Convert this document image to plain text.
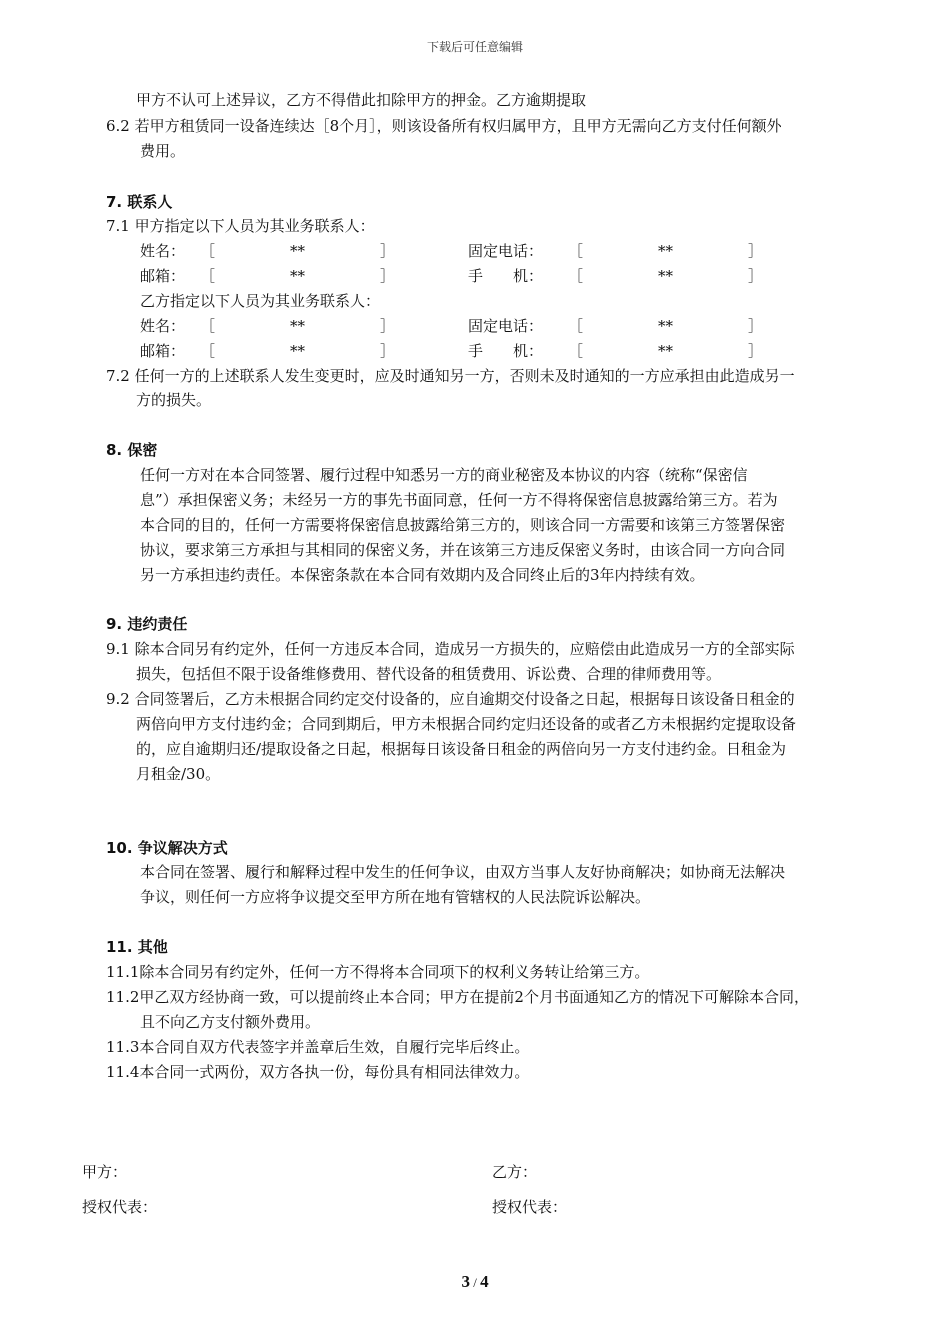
下载后可任意编辑
甲方不认可上述异议，乙方不得借此扣除甲方的押金。乙方逾期提取
6.2 若甲方租赁同一设备连续达［8个月］，则该设备所有权归属甲方，且甲方无需向乙方支付任何额外
费用。
7. 联系人
7.1 甲方指定以下人员为其业务联系人：
姓名： ［　　　　　**　　　　　］	固定电话： ［　　　　　**　　　　　］
邮箱： ［　　　　　**　　　　　］	手　　机： ［　　　　　**　　　　　］
乙方指定以下人员为其业务联系人：
姓名： ［　　　　　**　　　　　］	固定电话： ［　　　　　**　　　　　］
邮箱： ［　　　　　**　　　　　］	手　　机： ［　　　　　**　　　　　］
7.2 任何一方的上述联系人发生变更时，应及时通知另一方，否则未及时通知的一方应承担由此造成另一
方的损失。
8. 保密
任何一方对在本合同签署、履行过程中知悉另一方的商业秘密及本协议的内容（统称“保密信
息”）承担保密义务；未经另一方的事先书面同意，任何一方不得将保密信息披露给第三方。若为
本合同的目的，任何一方需要将保密信息披露给第三方的，则该合同一方需要和该第三方签署保密
协议，要求第三方承担与其相同的保密义务，并在该第三方违反保密义务时，由该合同一方向合同
另一方承担违约责任。本保密条款在本合同有效期内及合同终止后的3年内持续有效。
9. 违约责任
9.1 除本合同另有约定外，任何一方违反本合同，造成另一方损失的，应赔偿由此造成另一方的全部实际
损失，包括但不限于设备维修费用、替代设备的租赁费用、诉讼费、合理的律师费用等。
9.2 合同签署后，乙方未根据合同约定交付设备的，应自逾期交付设备之日起，根据每日该设备日租金的
两倍向甲方支付违约金；合同到期后，甲方未根据合同约定归还设备的或者乙方未根据约定提取设备
的，应自逾期归还/提取设备之日起，根据每日该设备日租金的两倍向另一方支付违约金。日租金为
月租金/30。
10. 争议解决方式
本合同在签署、履行和解释过程中发生的任何争议，由双方当事人友好协商解决；如协商无法解决
争议，则任何一方应将争议提交至甲方所在地有管辖权的人民法院诉讼解决。
11. 其他
11.1除本合同另有约定外，任何一方不得将本合同项下的权利义务转让给第三方。
11.2甲乙双方经协商一致，可以提前终止本合同；甲方在提前2个月书面通知乙方的情况下可解除本合同，
且不向乙方支付额外费用。
11.3本合同自双方代表签字并盖章后生效，自履行完毕后终止。
11.4本合同一式两份，双方各执一份，每份具有相同法律效力。
甲方：	乙方：
授权代表：	授权代表：
3 / 4
